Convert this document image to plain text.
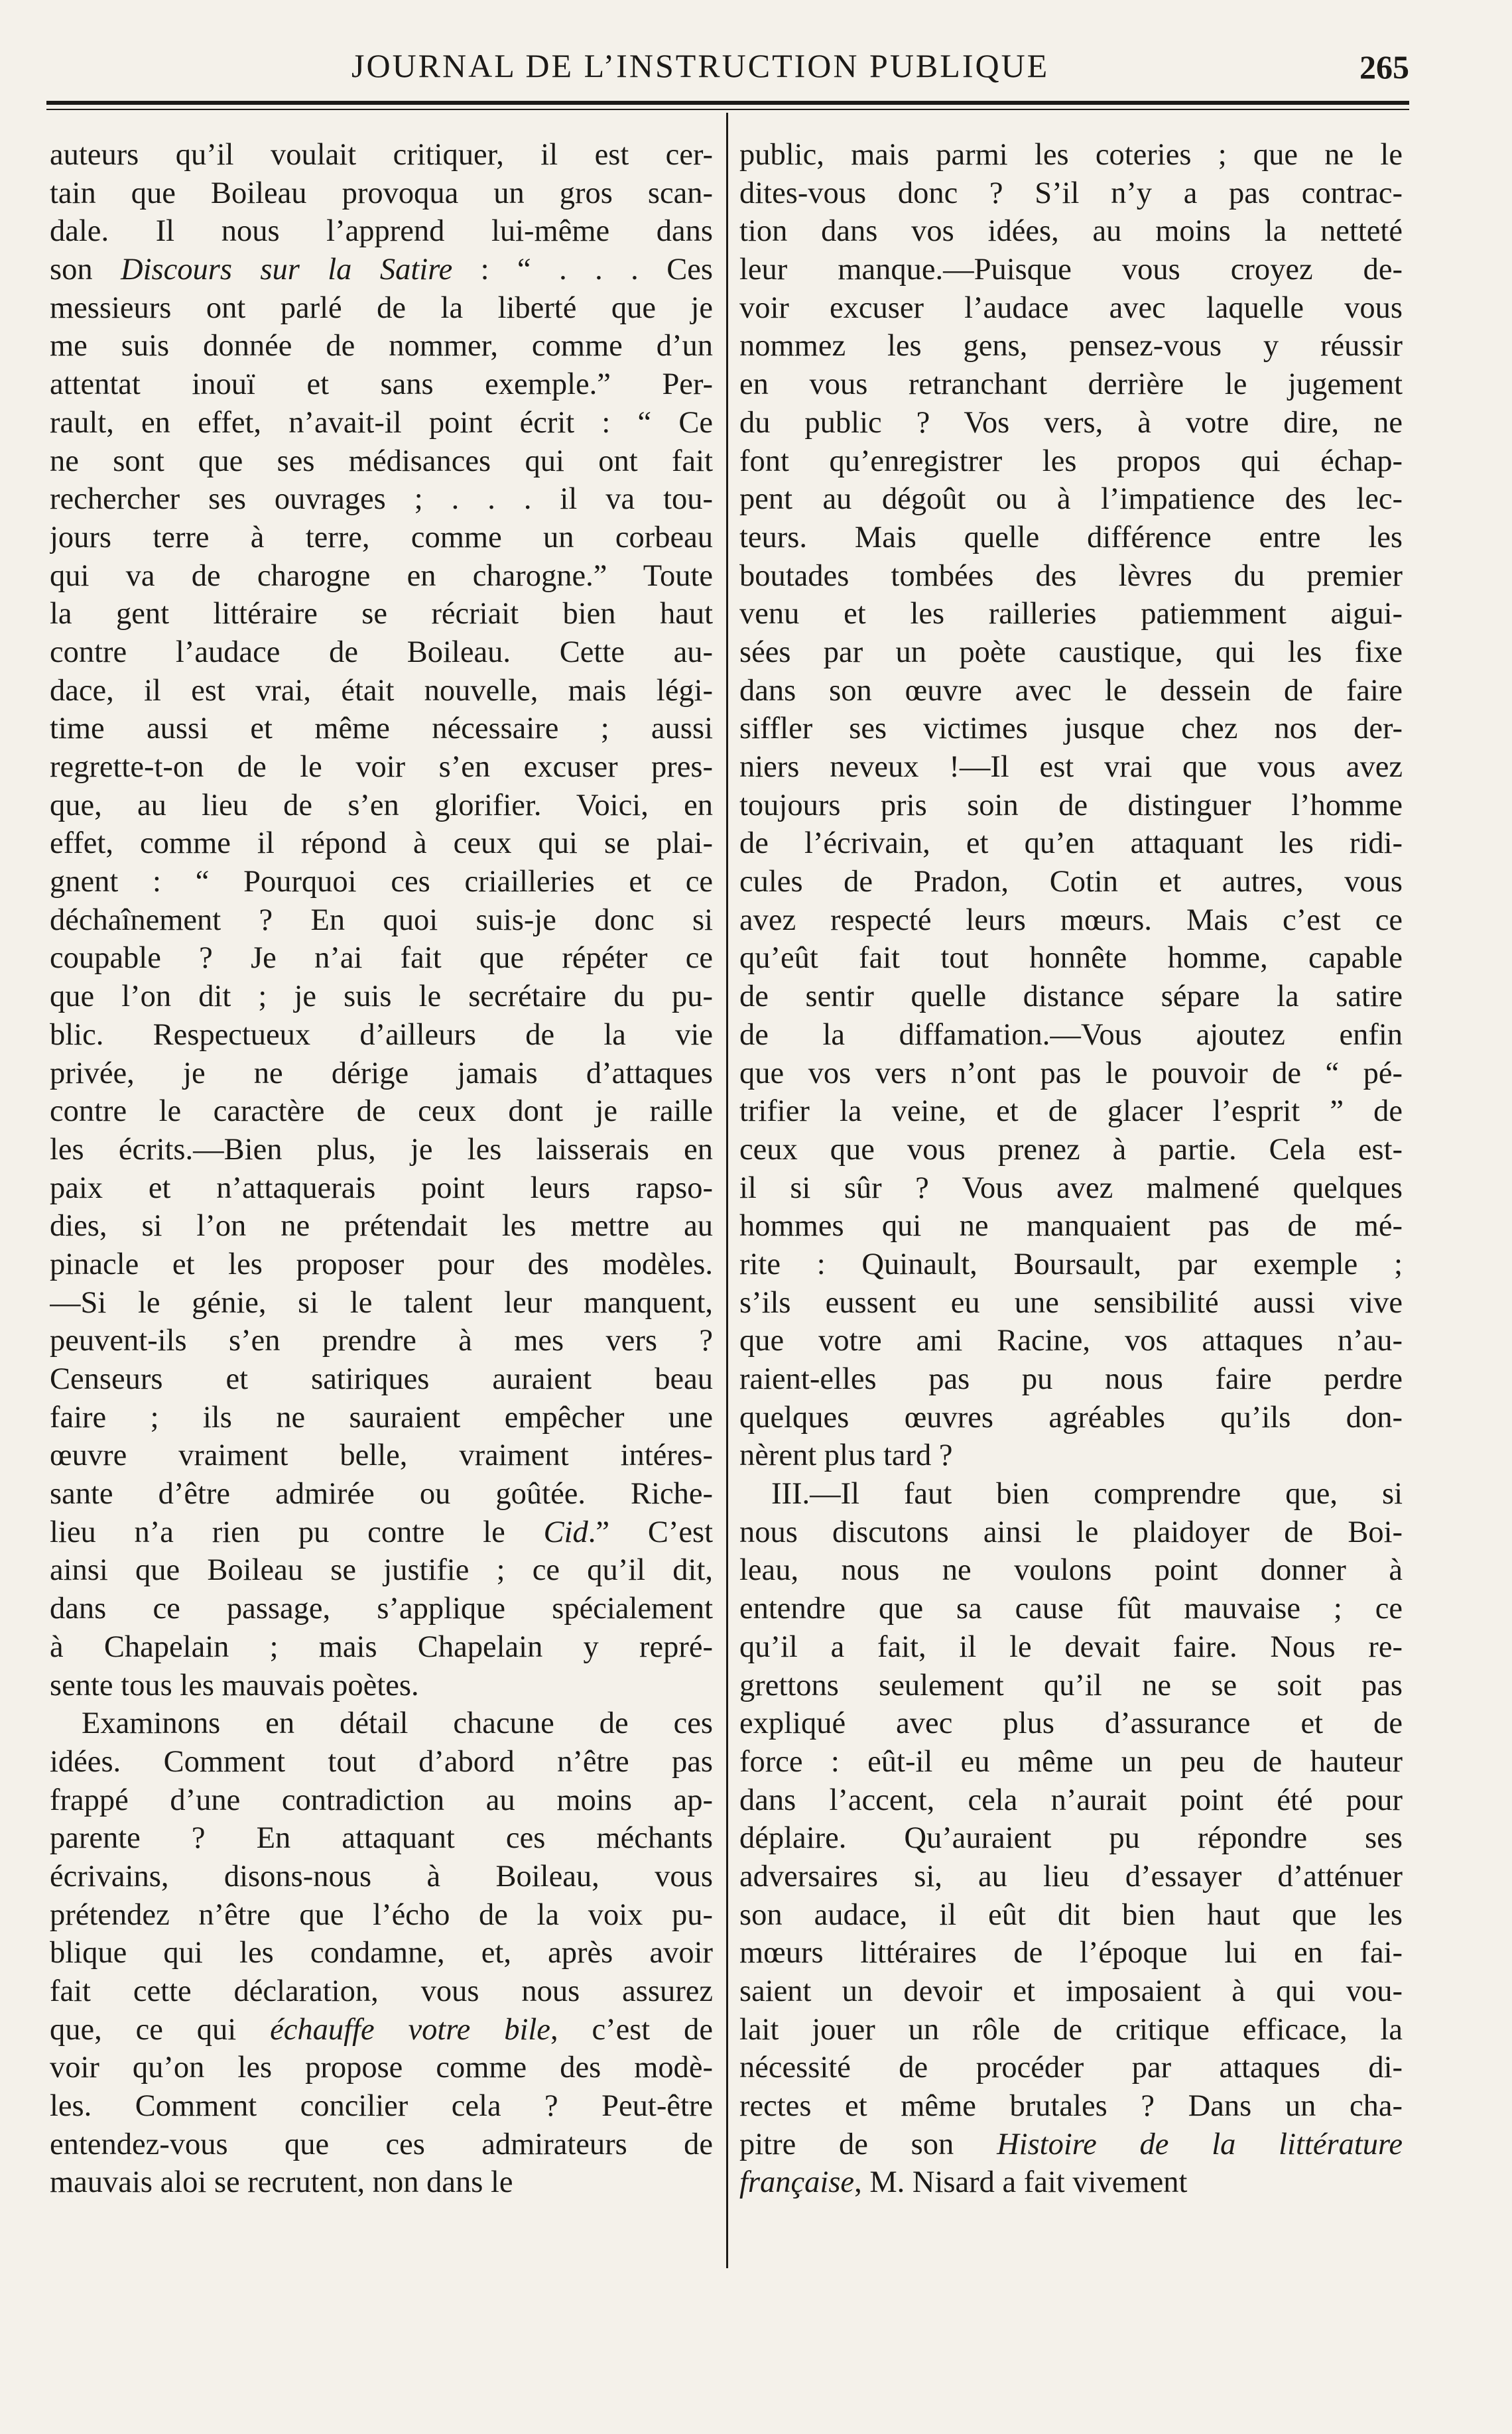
JOURNAL DE L’INSTRUCTION PUBLIQUE	265
auteurs qu’il voulait critiquer, il est cer-
tain que Boileau provoqua un gros scan-
dale. Il nous l’apprend lui-même dans
son Discours sur la Satire : “ . . . Ces
messieurs ont parlé de la liberté que je
me suis donnée de nommer, comme d’un
attentat inouï et sans exemple.” Per-
rault, en effet, n’avait-il point écrit : “ Ce
ne sont que ses médisances qui ont fait
rechercher ses ouvrages ; . . . il va tou-
jours terre à terre, comme un corbeau
qui va de charogne en charogne.” Toute
la gent littéraire se récriait bien haut
contre l’audace de Boileau. Cette au-
dace, il est vrai, était nouvelle, mais légi-
time aussi et même nécessaire ; aussi
regrette-t-on de le voir s’en excuser pres-
que, au lieu de s’en glorifier. Voici, en
effet, comme il répond à ceux qui se plai-
gnent : “ Pourquoi ces criailleries et ce
déchaînement ? En quoi suis-je donc si
coupable ? Je n’ai fait que répéter ce
que l’on dit ; je suis le secrétaire du pu-
blic. Respectueux d’ailleurs de la vie
privée, je ne dérige jamais d’attaques
contre le caractère de ceux dont je raille
les écrits.—Bien plus, je les laisserais en
paix et n’attaquerais point leurs rapso-
dies, si l’on ne prétendait les mettre au
pinacle et les proposer pour des modèles.
—Si le génie, si le talent leur manquent,
peuvent-ils s’en prendre à mes vers ?
Censeurs et satiriques auraient beau
faire ; ils ne sauraient empêcher une
œuvre vraiment belle, vraiment intéres-
sante d’être admirée ou goûtée. Riche-
lieu n’a rien pu contre le Cid.” C’est
ainsi que Boileau se justifie ; ce qu’il dit,
dans ce passage, s’applique spécialement
à Chapelain ; mais Chapelain y repré-
sente tous les mauvais poètes.
Examinons en détail chacune de ces
idées. Comment tout d’abord n’être pas
frappé d’une contradiction au moins ap-
parente ? En attaquant ces méchants
écrivains, disons-nous à Boileau, vous
prétendez n’être que l’écho de la voix pu-
blique qui les condamne, et, après avoir
fait cette déclaration, vous nous assurez
que, ce qui échauffe votre bile, c’est de
voir qu’on les propose comme des modè-
les. Comment concilier cela ? Peut-être
entendez-vous que ces admirateurs de
mauvais aloi se recrutent, non dans le
public, mais parmi les coteries ; que ne le
dites-vous donc ? S’il n’y a pas contrac-
tion dans vos idées, au moins la netteté
leur manque.—Puisque vous croyez de-
voir excuser l’audace avec laquelle vous
nommez les gens, pensez-vous y réussir
en vous retranchant derrière le jugement
du public ? Vos vers, à votre dire, ne
font qu’enregistrer les propos qui échap-
pent au dégoût ou à l’impatience des lec-
teurs. Mais quelle différence entre les
boutades tombées des lèvres du premier
venu et les railleries patiemment aigui-
sées par un poète caustique, qui les fixe
dans son œuvre avec le dessein de faire
siffler ses victimes jusque chez nos der-
niers neveux !—Il est vrai que vous avez
toujours pris soin de distinguer l’homme
de l’écrivain, et qu’en attaquant les ridi-
cules de Pradon, Cotin et autres, vous
avez respecté leurs mœurs. Mais c’est ce
qu’eût fait tout honnête homme, capable
de sentir quelle distance sépare la satire
de la diffamation.—Vous ajoutez enfin
que vos vers n’ont pas le pouvoir de “ pé-
trifier la veine, et de glacer l’esprit ” de
ceux que vous prenez à partie. Cela est-
il si sûr ? Vous avez malmené quelques
hommes qui ne manquaient pas de mé-
rite : Quinault, Boursault, par exemple ;
s’ils eussent eu une sensibilité aussi vive
que votre ami Racine, vos attaques n’au-
raient-elles pas pu nous faire perdre
quelques œuvres agréables qu’ils don-
nèrent plus tard ?
III.—Il faut bien comprendre que, si
nous discutons ainsi le plaidoyer de Boi-
leau, nous ne voulons point donner à
entendre que sa cause fût mauvaise ; ce
qu’il a fait, il le devait faire. Nous re-
grettons seulement qu’il ne se soit pas
expliqué avec plus d’assurance et de
force : eût-il eu même un peu de hauteur
dans l’accent, cela n’aurait point été pour
déplaire. Qu’auraient pu répondre ses
adversaires si, au lieu d’essayer d’atténuer
son audace, il eût dit bien haut que les
mœurs littéraires de l’époque lui en fai-
saient un devoir et imposaient à qui vou-
lait jouer un rôle de critique efficace, la
nécessité de procéder par attaques di-
rectes et même brutales ? Dans un cha-
pitre de son Histoire de la littérature
française, M. Nisard a fait vivement
